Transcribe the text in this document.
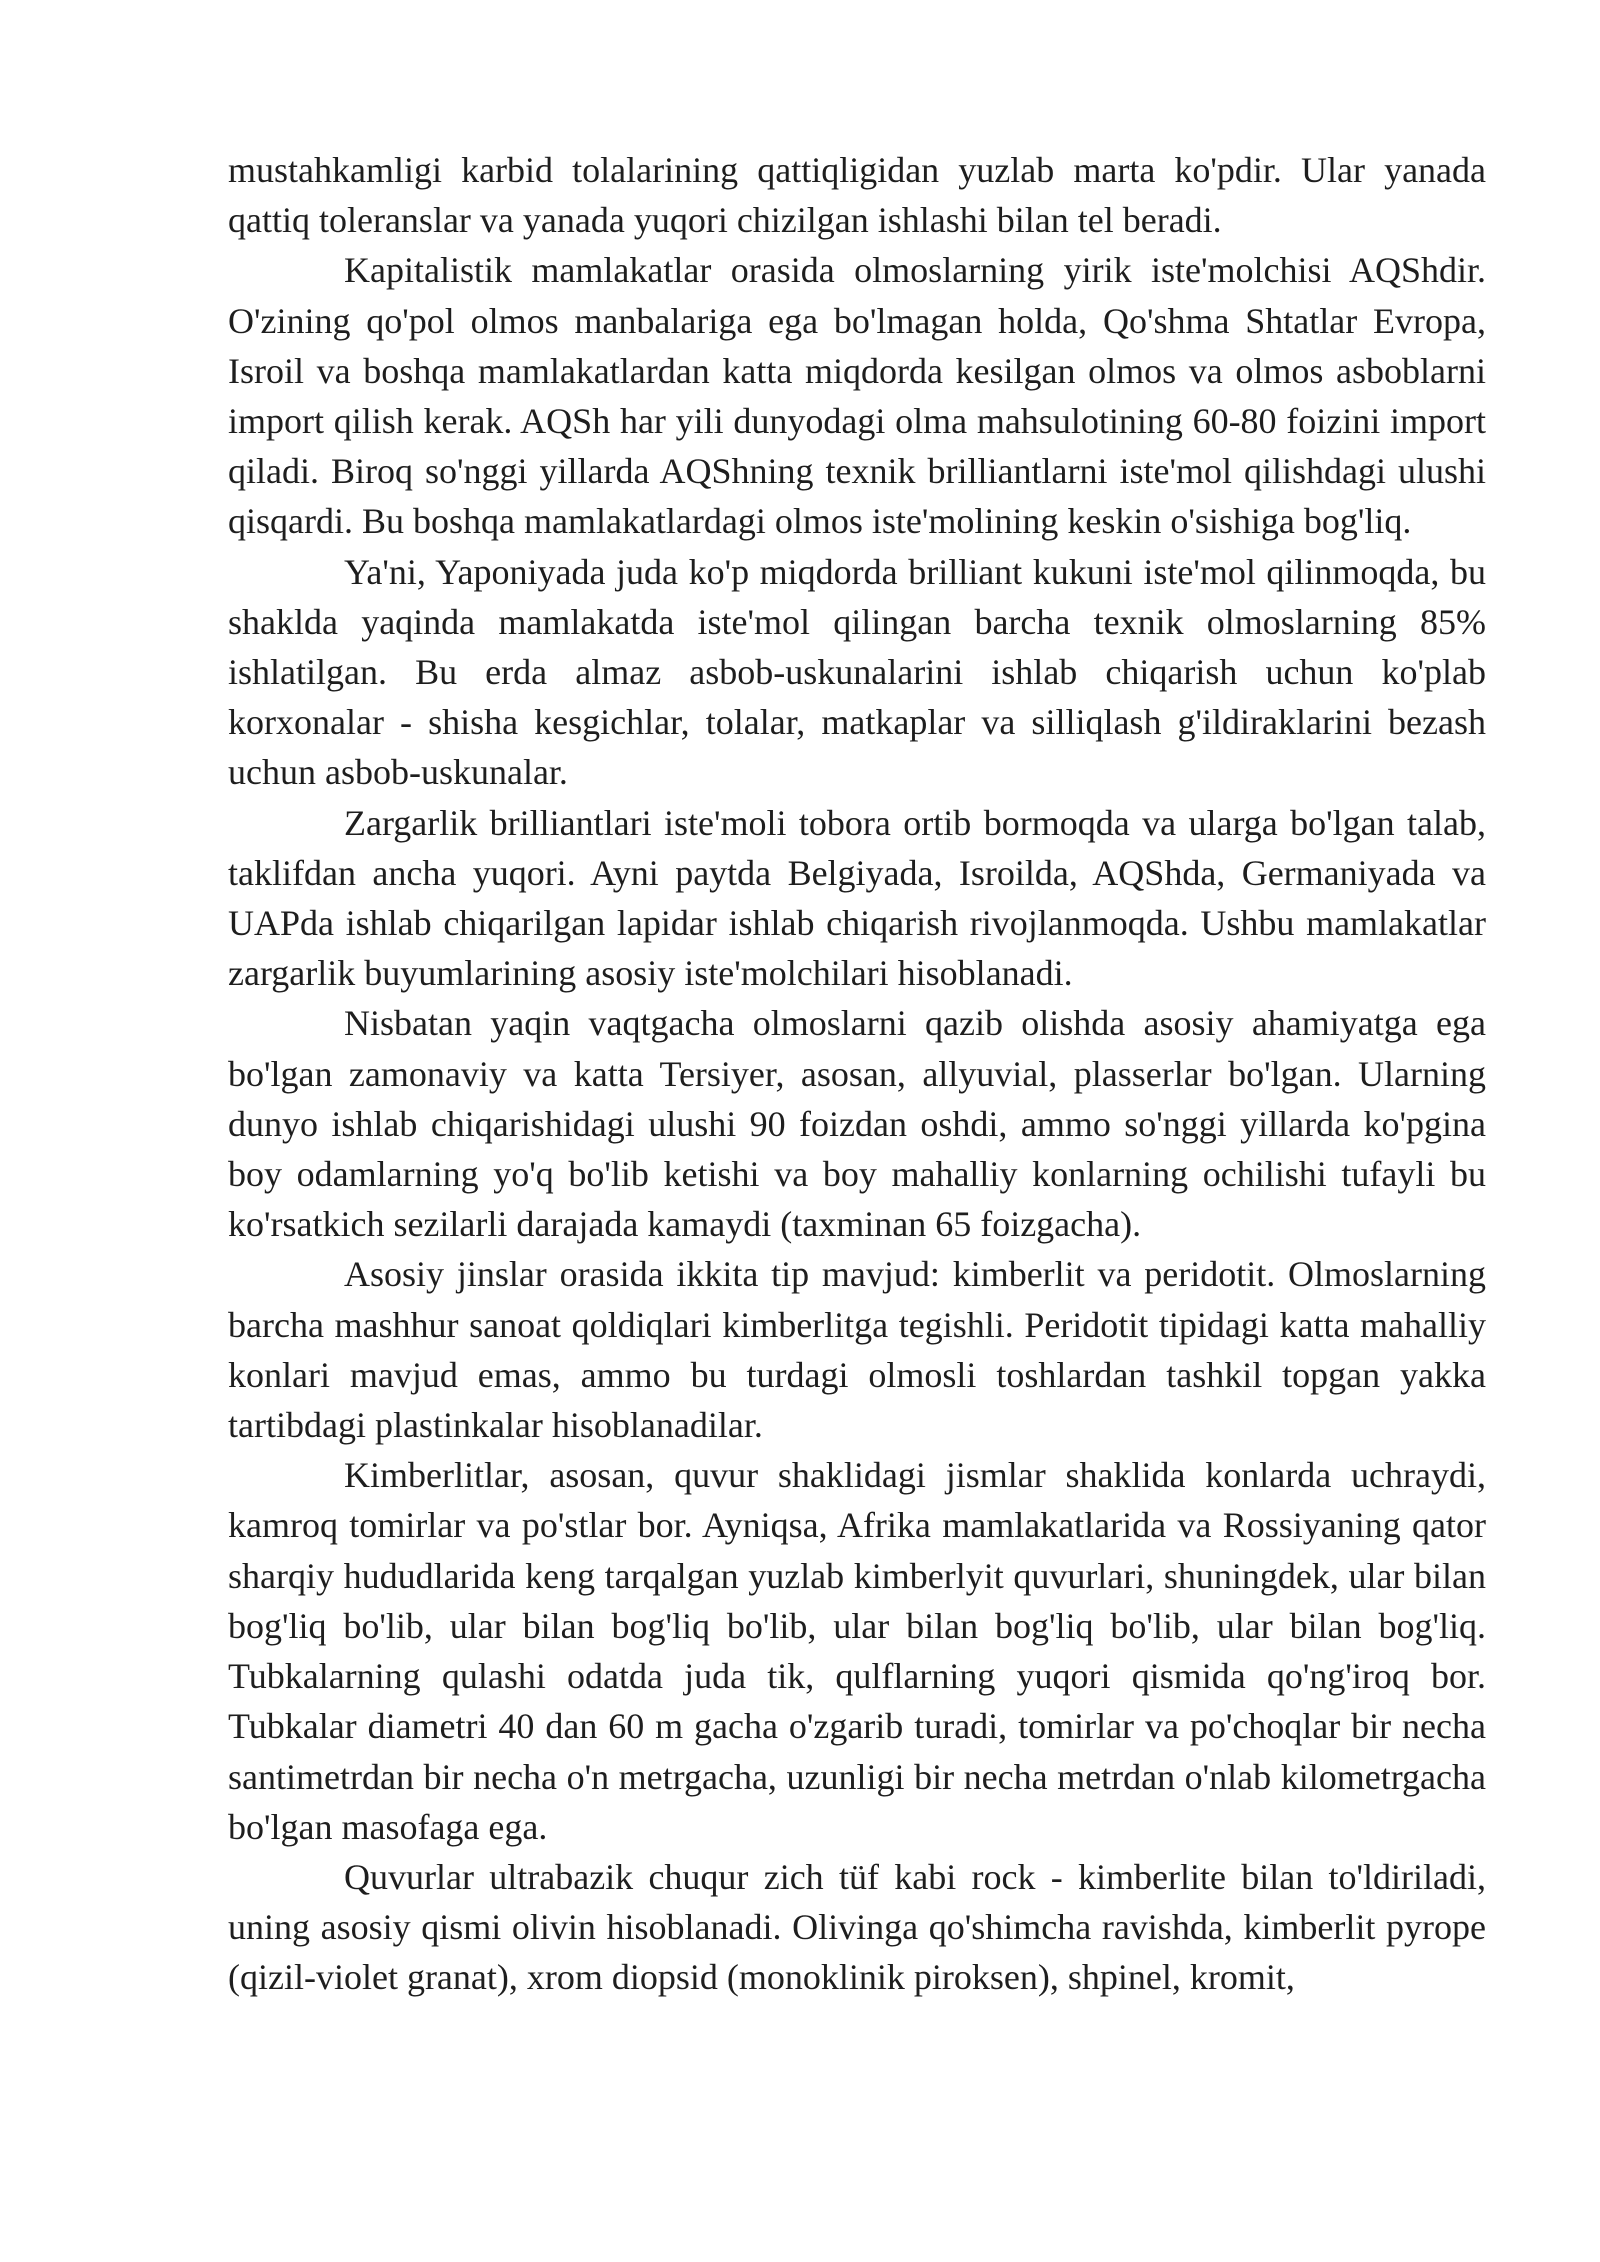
mustahkamligi karbid tolalarining qattiqligidan yuzlab marta ko'pdir. Ular yanada qattiq toleranslar va yanada yuqori chizilgan ishlashi bilan tel beradi.

Kapitalistik mamlakatlar orasida olmoslarning yirik iste'molchisi AQShdir. O'zining qo'pol olmos manbalariga ega bo'lmagan holda, Qo'shma Shtatlar Evropa, Isroil va boshqa mamlakatlardan katta miqdorda kesilgan olmos va olmos asboblarni import qilish kerak. AQSh har yili dunyodagi olma mahsulotining 60-80 foizini import qiladi. Biroq so'nggi yillarda AQShning texnik brilliantlarni iste'mol qilishdagi ulushi qisqardi. Bu boshqa mamlakatlardagi olmos iste'molining keskin o'sishiga bog'liq.

Ya'ni, Yaponiyada juda ko'p miqdorda brilliant kukuni iste'mol qilinmoqda, bu shaklda yaqinda mamlakatda iste'mol qilingan barcha texnik olmoslarning 85% ishlatilgan. Bu erda almaz asbob-uskunalarini ishlab chiqarish uchun ko'plab korxonalar - shisha kesgichlar, tolalar, matkaplar va silliqlash g'ildiraklarini bezash uchun asbob-uskunalar.

Zargarlik brilliantlari iste'moli tobora ortib bormoqda va ularga bo'lgan talab, taklifdan ancha yuqori. Ayni paytda Belgiyada, Isroilda, AQShda, Germaniyada va UAPda ishlab chiqarilgan lapidar ishlab chiqarish rivojlanmoqda. Ushbu mamlakatlar zargarlik buyumlarining asosiy iste'molchilari hisoblanadi.

Nisbatan yaqin vaqtgacha olmoslarni qazib olishda asosiy ahamiyatga ega bo'lgan zamonaviy va katta Tersiyer, asosan, allyuvial, plasserlar bo'lgan. Ularning dunyo ishlab chiqarishidagi ulushi 90 foizdan oshdi, ammo so'nggi yillarda ko'pgina boy odamlarning yo'q bo'lib ketishi va boy mahalliy konlarning ochilishi tufayli bu ko'rsatkich sezilarli darajada kamaydi (taxminan 65 foizgacha).

Asosiy jinslar orasida ikkita tip mavjud: kimberlit va peridotit. Olmoslarning barcha mashhur sanoat qoldiqlari kimberlitga tegishli. Peridotit tipidagi katta mahalliy konlari mavjud emas, ammo bu turdagi olmosli toshlardan tashkil topgan yakka tartibdagi plastinkalar hisoblanadilar.

Kimberlitlar, asosan, quvur shaklidagi jismlar shaklida konlarda uchraydi, kamroq tomirlar va po'stlar bor. Ayniqsa, Afrika mamlakatlarida va Rossiyaning qator sharqiy hududlarida keng tarqalgan yuzlab kimberlyit quvurlari, shuningdek, ular bilan bog'liq bo'lib, ular bilan bog'liq bo'lib, ular bilan bog'liq bo'lib, ular bilan bog'liq. Tubkalarning qulashi odatda juda tik, qulflarning yuqori qismida qo'ng'iroq bor. Tubkalar diametri 40 dan 60 m gacha o'zgarib turadi, tomirlar va po'choqlar bir necha santimetrdan bir necha o'n metrgacha, uzunligi bir necha metrdan o'nlab kilometrgacha bo'lgan masofaga ega.

Quvurlar ultrabazik chuqur zich tüf kabi rock - kimberlite bilan to'ldiriladi, uning asosiy qismi olivin hisoblanadi. Olivinga qo'shimcha ravishda, kimberlit pyrope (qizil-violet granat), xrom diopsid (monoklinik piroksen), shpinel, kromit,
